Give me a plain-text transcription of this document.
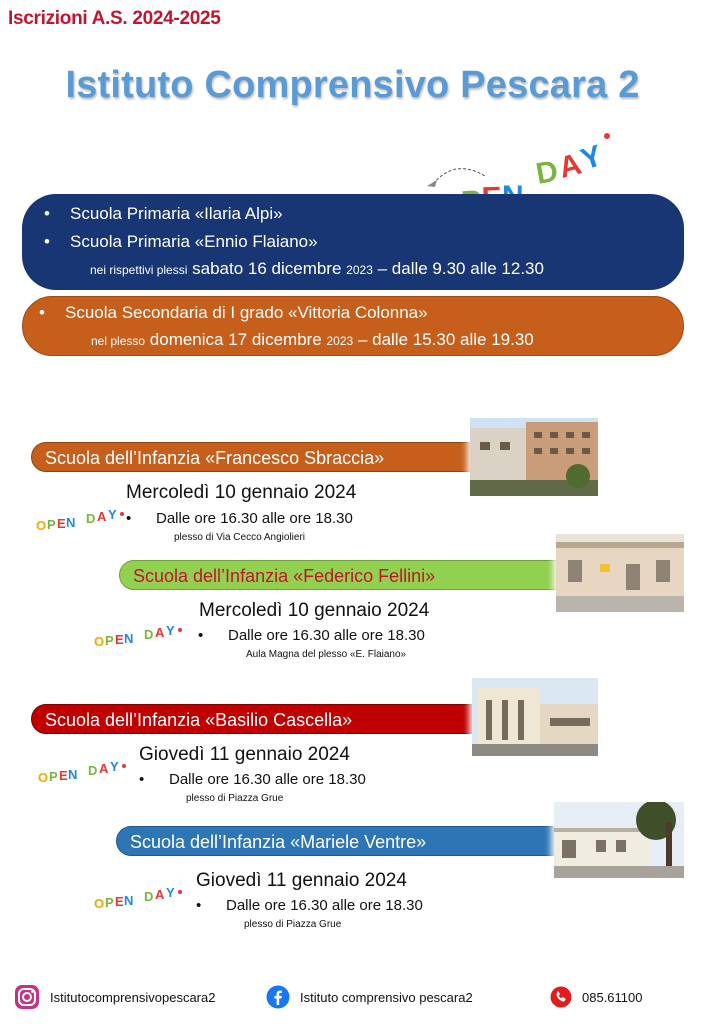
Iscrizioni A.S. 2024-2025
Istituto Comprensivo Pescara 2
D
A
Y
• Scuola Primaria «Ilaria Alpi»
• Scuola Primaria «Ennio Flaiano»
nei rispettivi plessi sabato 16 dicembre 2023 – dalle 9.30 alle 12.30
• Scuola Secondaria di I grado «Vittoria Colonna»
nel plesso domenica 17 dicembre 2023 – dalle 15.30 alle 19.30
Scuola dell’Infanzia «Francesco Sbraccia»
O P E N D A Y
Mercoledì 10 gennaio 2024
• Dalle ore 16.30 alle ore 18.30
plesso di Via Cecco Angiolieri
Scuola dell’Infanzia «Federico Fellini»
O P E N D A Y
Mercoledì 10 gennaio 2024
• Dalle ore 16.30 alle ore 18.30
Aula Magna del plesso «E. Flaiano»
Scuola dell’Infanzia «Basilio Cascella»
O P E N D A Y
Giovedì 11 gennaio 2024
• Dalle ore 16.30 alle ore 18.30
plesso di Piazza Grue
Scuola dell’Infanzia «Mariele Ventre»
O P E N D A Y
Giovedì 11 gennaio 2024
• Dalle ore 16.30 alle ore 18.30
plesso di Piazza Grue
Istitutocomprensivopescara2	Istituto comprensivo pescara2	085.61100
